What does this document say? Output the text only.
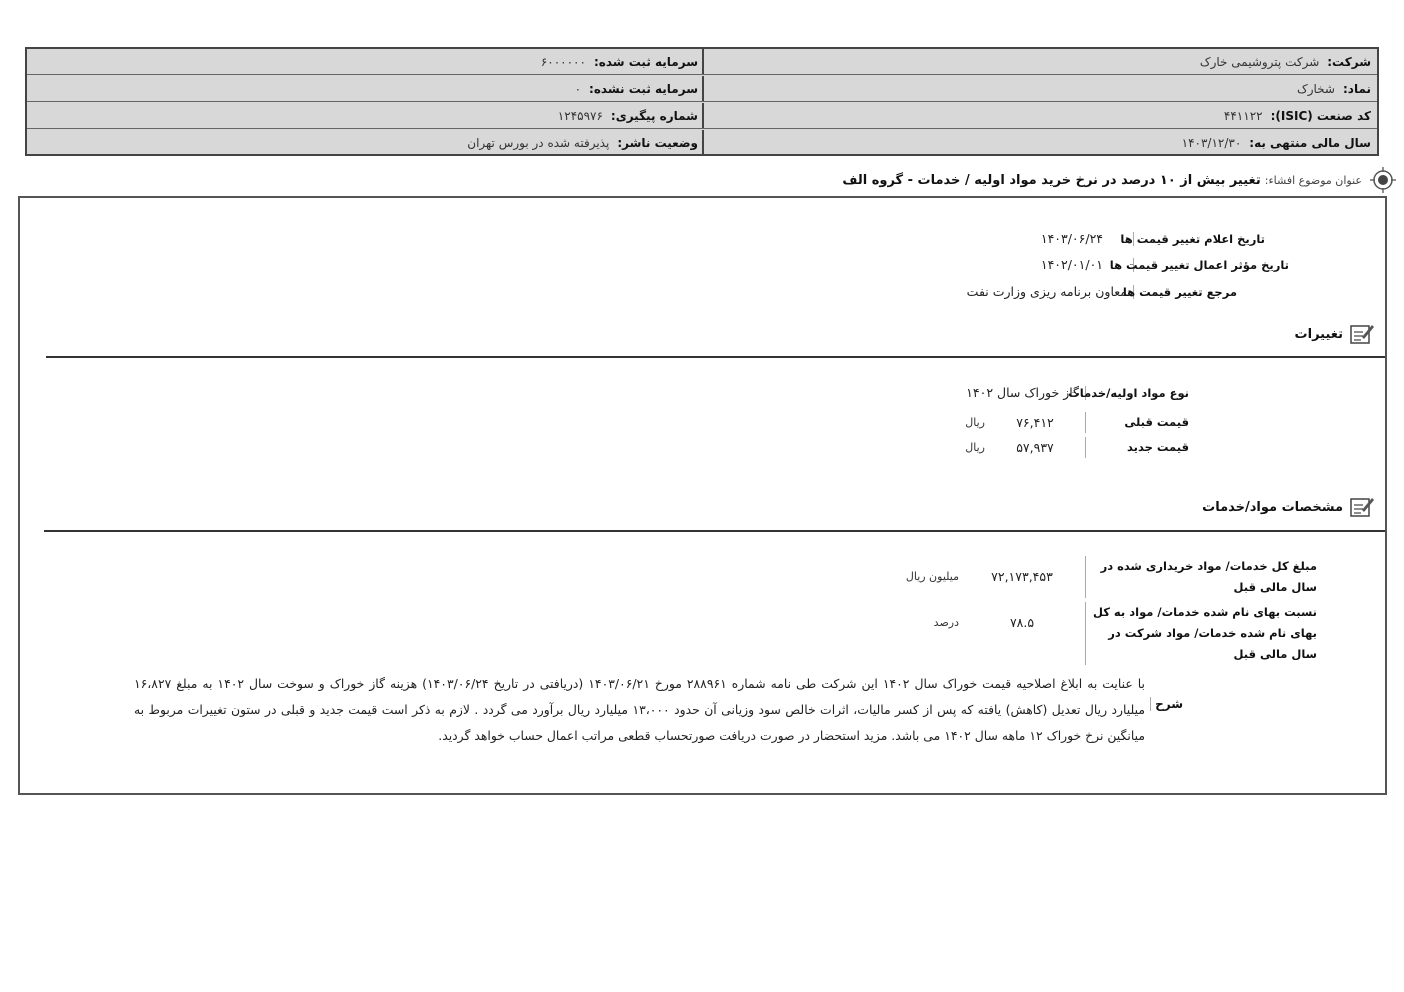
شرکت:
شرکت پتروشیمی خارک
سرمایه ثبت شده:
۶۰۰۰۰۰۰
نماد:
شخارک
سرمایه ثبت نشده:
۰
کد صنعت (ISIC):
۴۴۱۱۲۲
شماره پیگیری:
۱۲۴۵۹۷۶
سال مالی منتهی به:
۱۴۰۳/۱۲/۳۰
وضعیت ناشر:
پذیرفته شده در بورس تهران
عنوان موضوع افشاء:
تغییر بیش از ۱۰ درصد در نرخ خرید مواد اولیه / خدمات - گروه الف
تاریخ اعلام تغییر قیمت ها
۱۴۰۳/۰۶/۲۴
تاریخ مؤثر اعمال تغییر قیمت ها
۱۴۰۲/۰۱/۰۱
مرجع تغییر قیمت ها
معاون برنامه ریزی وزارت نفت
تغییرات
نوع مواد اولیه/خدمات
گاز خوراک سال ۱۴۰۲
قیمت قبلی
۷۶,۴۱۲
ریال
قیمت جدید
۵۷,۹۳۷
ریال
مشخصات مواد/خدمات
مبلغ کل خدمات/ مواد خریداری شده در سال مالی قبل
۷۲,۱۷۳,۴۵۳
میلیون ریال
نسبت بهای نام شده خدمات/ مواد به کل بهای نام شده خدمات/ مواد شرکت در سال مالی قبل
۷۸.۵
درصد
شرح
با عنایت به ابلاغ اصلاحیه قیمت خوراک سال ۱۴۰۲ این شرکت طی نامه شماره ۲۸۸۹۶۱ مورخ ۱۴۰۳/۰۶/۲۱ (دریافتی در تاریخ ۱۴۰۳/۰۶/۲۴) هزینه گاز خوراک و سوخت سال ۱۴۰۲ به مبلغ ۱۶،۸۲۷ میلیارد ریال تعدیل (کاهش) یافته که پس از کسر مالیات، اثرات خالص سود وزیانی آن حدود ۱۳،۰۰۰ میلیارد ریال برآورد می گردد . لازم به ذکر است قیمت جدید و قبلی در ستون تغییرات مربوط به میانگین نرخ خوراک ۱۲ ماهه سال ۱۴۰۲ می باشد. مزید استحضار در صورت دریافت صورتحساب قطعی مراتب اعمال حساب خواهد گردید.
